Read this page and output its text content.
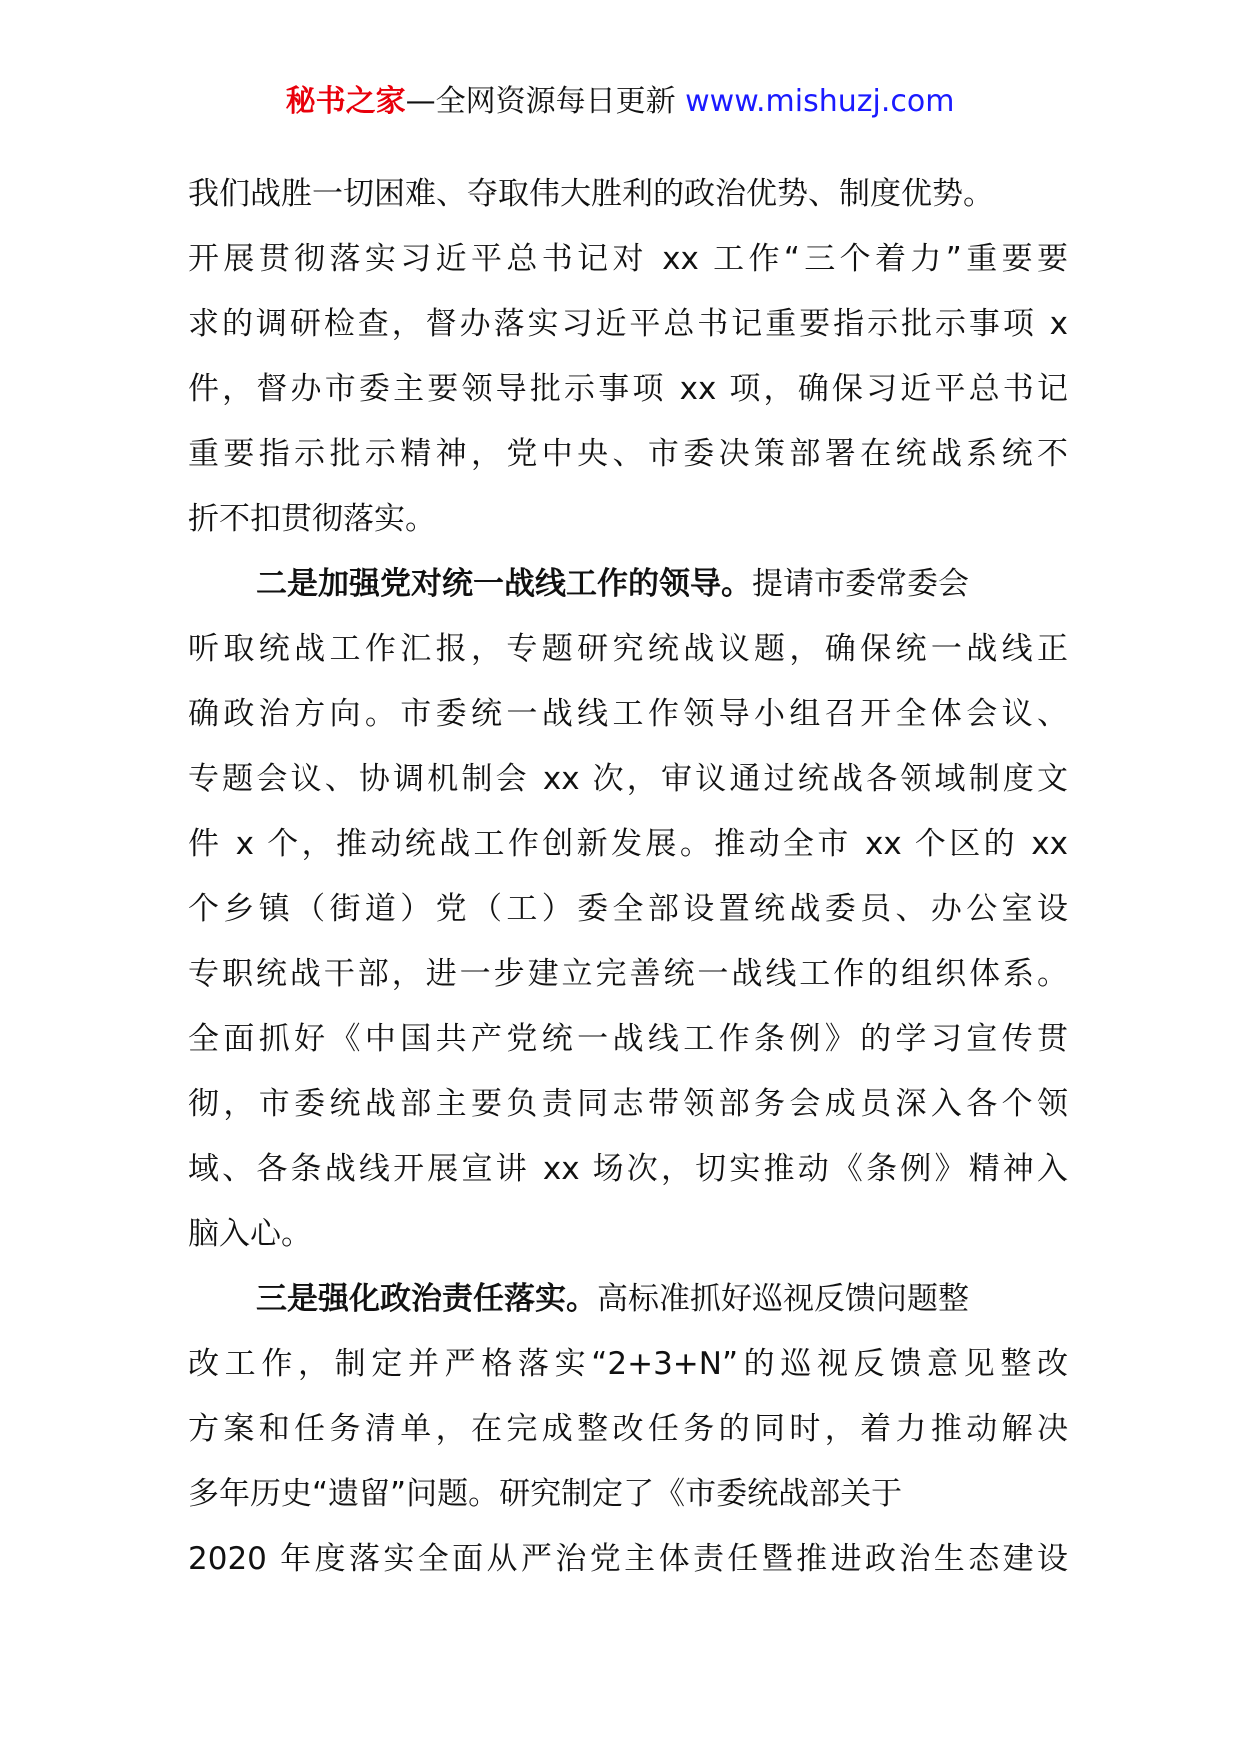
秘书之家—全网资源每日更新 www.mishuzj.com
我们战胜一切困难、夺取伟大胜利的政治优势、制度优势。
开展贯彻落实习近平总书记对 xx 工作“三个着力”重要要
求的调研检查，督办落实习近平总书记重要指示批示事项 x
件，督办市委主要领导批示事项 xx 项，确保习近平总书记
重要指示批示精神，党中央、市委决策部署在统战系统不
折不扣贯彻落实。
二是加强党对统一战线工作的领导。提请市委常委会
听取统战工作汇报，专题研究统战议题，确保统一战线正
确政治方向。市委统一战线工作领导小组召开全体会议、
专题会议、协调机制会 xx 次，审议通过统战各领域制度文
件 x 个，推动统战工作创新发展。推动全市 xx 个区的 xx
个乡镇（街道）党（工）委全部设置统战委员、办公室设
专职统战干部，进一步建立完善统一战线工作的组织体系。
全面抓好《中国共产党统一战线工作条例》的学习宣传贯
彻，市委统战部主要负责同志带领部务会成员深入各个领
域、各条战线开展宣讲 xx 场次，切实推动《条例》精神入
脑入心。
三是强化政治责任落实。高标准抓好巡视反馈问题整
改工作，制定并严格落实“2+3+N”的巡视反馈意见整改
方案和任务清单，在完成整改任务的同时，着力推动解决
多年历史“遗留”问题。研究制定了《市委统战部关于
2020 年度落实全面从严治党主体责任暨推进政治生态建设
